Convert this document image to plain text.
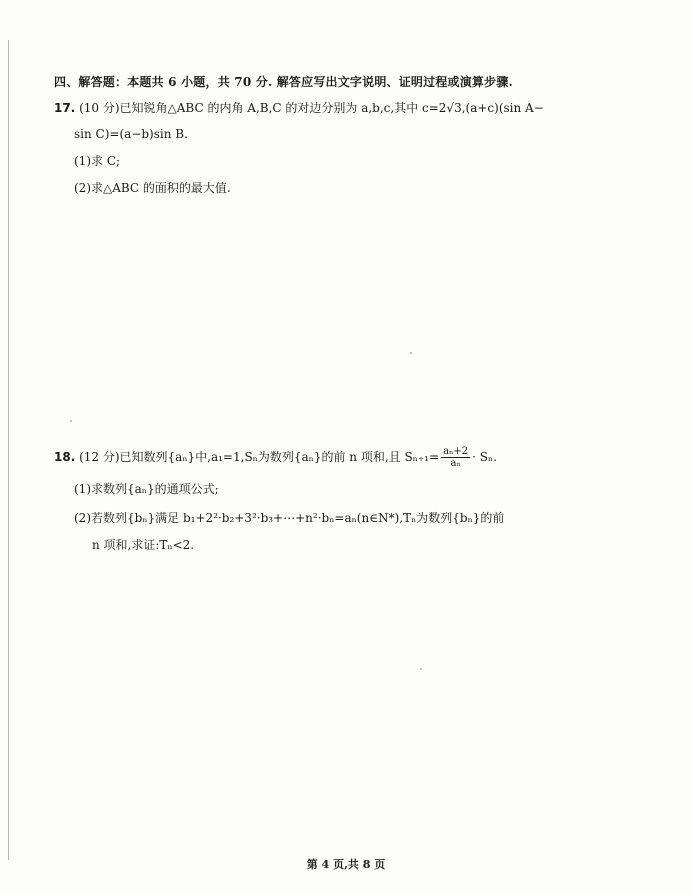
四、解答题：本题共 6 小题，共 70 分. 解答应写出文字说明、证明过程或演算步骤.
17. (10 分)已知锐角△ABC 的内角 A,B,C 的对边分别为 a,b,c,其中 c=2√3,(a+c)(sin A−
sin C)=(a−b)sin B.
(1)求 C;
(2)求△ABC 的面积的最大值.
18. (12 分)已知数列{aₙ}中,a₁=1,Sₙ为数列{aₙ}的前 n 项和,且 $S_{n+1}= \frac{\text{aₙ+2}}{\text{aₙ}} \cdot S_n$.
(1)求数列{aₙ}的通项公式;
(2)若数列{bₙ}满足 b₁+2²·b₂+3²·b₃+⋯+n²·bₙ=aₙ(n∈N*),Tₙ为数列{bₙ}的前
n 项和,求证:Tₙ<2.
第 4 页,共 8 页
